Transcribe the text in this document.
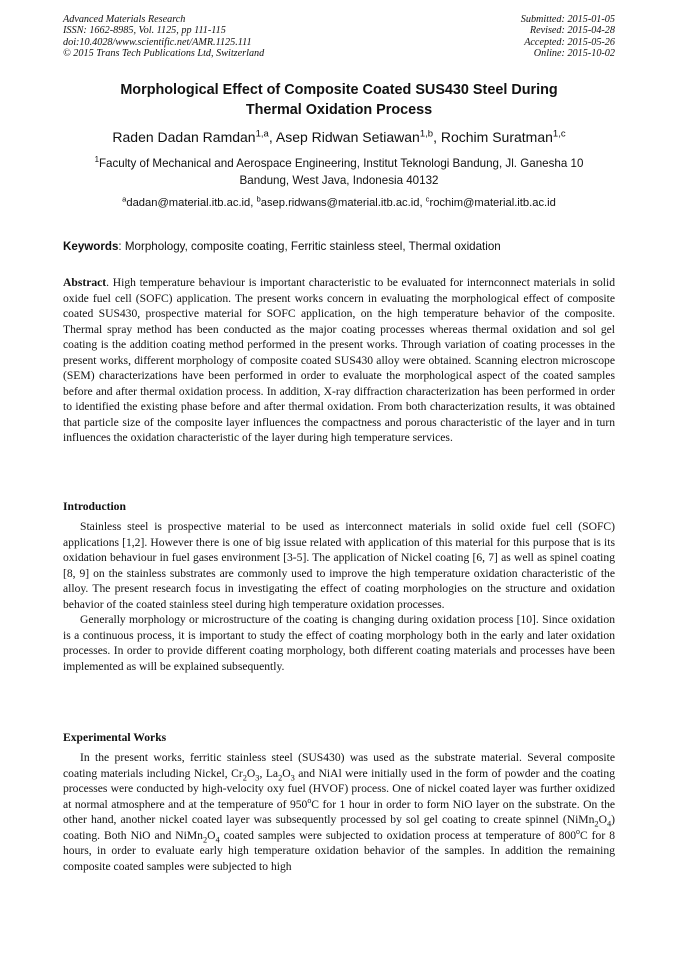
Advanced Materials Research
ISSN: 1662-8985, Vol. 1125, pp 111-115
doi:10.4028/www.scientific.net/AMR.1125.111
© 2015 Trans Tech Publications Ltd, Switzerland
Submitted: 2015-01-05
Revised: 2015-04-28
Accepted: 2015-05-26
Online: 2015-10-02
Morphological Effect of Composite Coated SUS430 Steel During
Thermal Oxidation Process
Raden Dadan Ramdan$^{1,a}$, Asep Ridwan Setiawan$^{1,b}$, Rochim Suratman$^{1,c}$
$^1$Faculty of Mechanical and Aerospace Engineering, Institut Teknologi Bandung, Jl. Ganesha 10
Bandung, West Java, Indonesia 40132
$^a$dadan@material.itb.ac.id, $^b$asep.ridwans@material.itb.ac.id, $^c$rochim@material.itb.ac.id
Keywords: Morphology, composite coating, Ferritic stainless steel, Thermal oxidation

Abstract. High temperature behaviour is important characteristic to be evaluated for internconnect materials in solid oxide fuel cell (SOFC) application. The present works concern in evaluating the morphological effect of composite coated SUS430, prospective material for SOFC application, on the high temperature behavior of the composite. Thermal spray method has been conducted as the major coating processes whereas thermal oxidation and sol gel coating is the addition coating method performed in the present works. Through variation of coating processes in the present works, different morphology of composite coated SUS430 alloy were obtained. Scanning electron microscope (SEM) characterizations have been performed in order to evaluate the morphological aspect of the coated samples before and after thermal oxidation process. In addition, X-ray diffraction characterization has been performed in order to identified the existing phase before and after thermal oxidation. From both characterization results, it was obtained that particle size of the composite layer influences the compactness and porous characteristic of the layer and in turn influences the oxidation characteristic of the layer during high temperature services.

Introduction

Stainless steel is prospective material to be used as interconnect materials in solid oxide fuel cell (SOFC) applications [1,2]. However there is one of big issue related with application of this material for this purpose that is its oxidation behaviour in fuel gases environment [3-5]. The application of Nickel coating [6, 7] as well as spinel coating [8, 9] on the stainless substrates are commonly used to improve the high temperature oxidation characteristic of the alloy. The present research focus in investigating the effect of coating morphologies on the structure and oxidation behavior of the coated stainless steel during high temperature oxidation processes.

Generally morphology or microstructure of the coating is changing during oxidation process [10]. Since oxidation is a continuous process, it is important to study the effect of coating morphology both in the early and later oxidation processes. In order to provide different coating morphology, both different coating materials and processes have been implemented as will be explained subsequently.

Experimental Works

In the present works, ferritic stainless steel (SUS430) was used as the substrate material. Several composite coating materials including Nickel, $Cr_2O_3$, $La_2O_3$ and NiAl were initially used in the form of powder and the coating processes were conducted by high-velocity oxy fuel (HVOF) process. One of nickel coated layer was further oxidized at normal atmosphere and at the temperature of 950$^o$C for 1 hour in order to form NiO layer on the substrate. On the other hand, another nickel coated layer was subsequently processed by sol gel coating to create spinnel $(NiMn_2O_4)$ coating. Both NiO and $NiMn_2O_4$ coated samples were subjected to oxidation process at temperature of 800$^o$C for 8 hours, in order to evaluate early high temperature oxidation behavior of the samples. In addition the remaining composite coated samples were subjected to high
